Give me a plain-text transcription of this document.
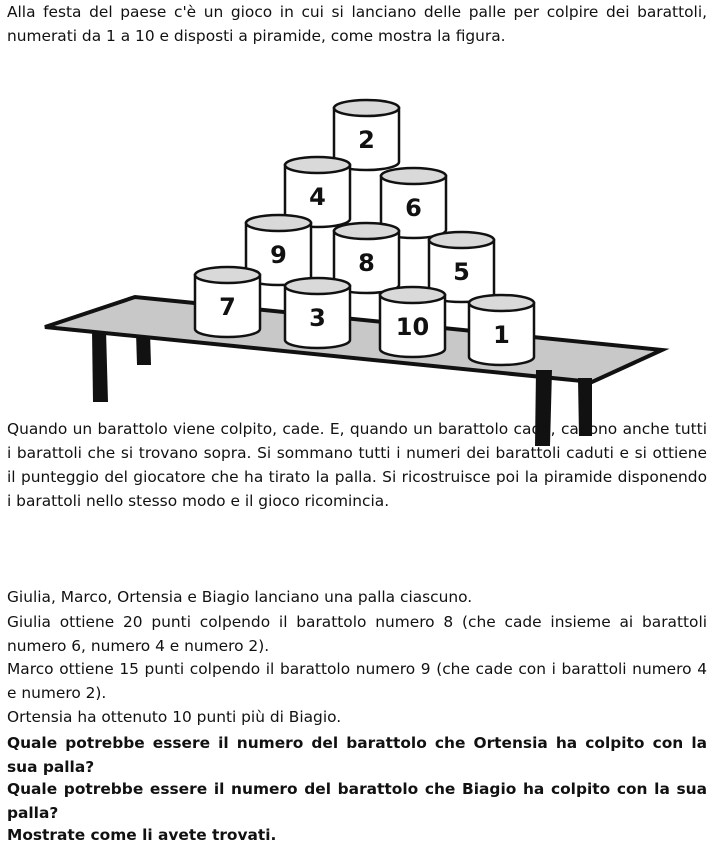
Alla festa del paese c'è un gioco in cui si lanciano delle palle per colpire dei barattoli, numerati da 1 a 10 e disposti a piramide, come mostra la figura.

2
4	6
9	8	5
7	3	10	1

Quando un barattolo viene colpito, cade. E, quando un barattolo cade, cadono anche tutti i barattoli che si trovano sopra. Si sommano tutti i numeri dei barattoli caduti e si ottiene il punteggio del giocatore che ha tirato la palla. Si ricostruisce poi la piramide disponendo i barattoli nello stesso modo e il gioco ricomincia.

Giulia, Marco, Ortensia e Biagio lanciano una palla ciascuno.

Giulia ottiene 20 punti colpendo il barattolo numero 8 (che cade insieme ai barattoli numero 6, numero 4 e numero 2).

Marco ottiene 15 punti colpendo il barattolo numero 9 (che cade con i barattoli numero 4 e numero 2).

Ortensia ha ottenuto 10 punti più di Biagio.

Quale potrebbe essere il numero del barattolo che Ortensia ha colpito con la sua palla?

Quale potrebbe essere il numero del barattolo che Biagio ha colpito con la sua palla?

Mostrate come li avete trovati.
